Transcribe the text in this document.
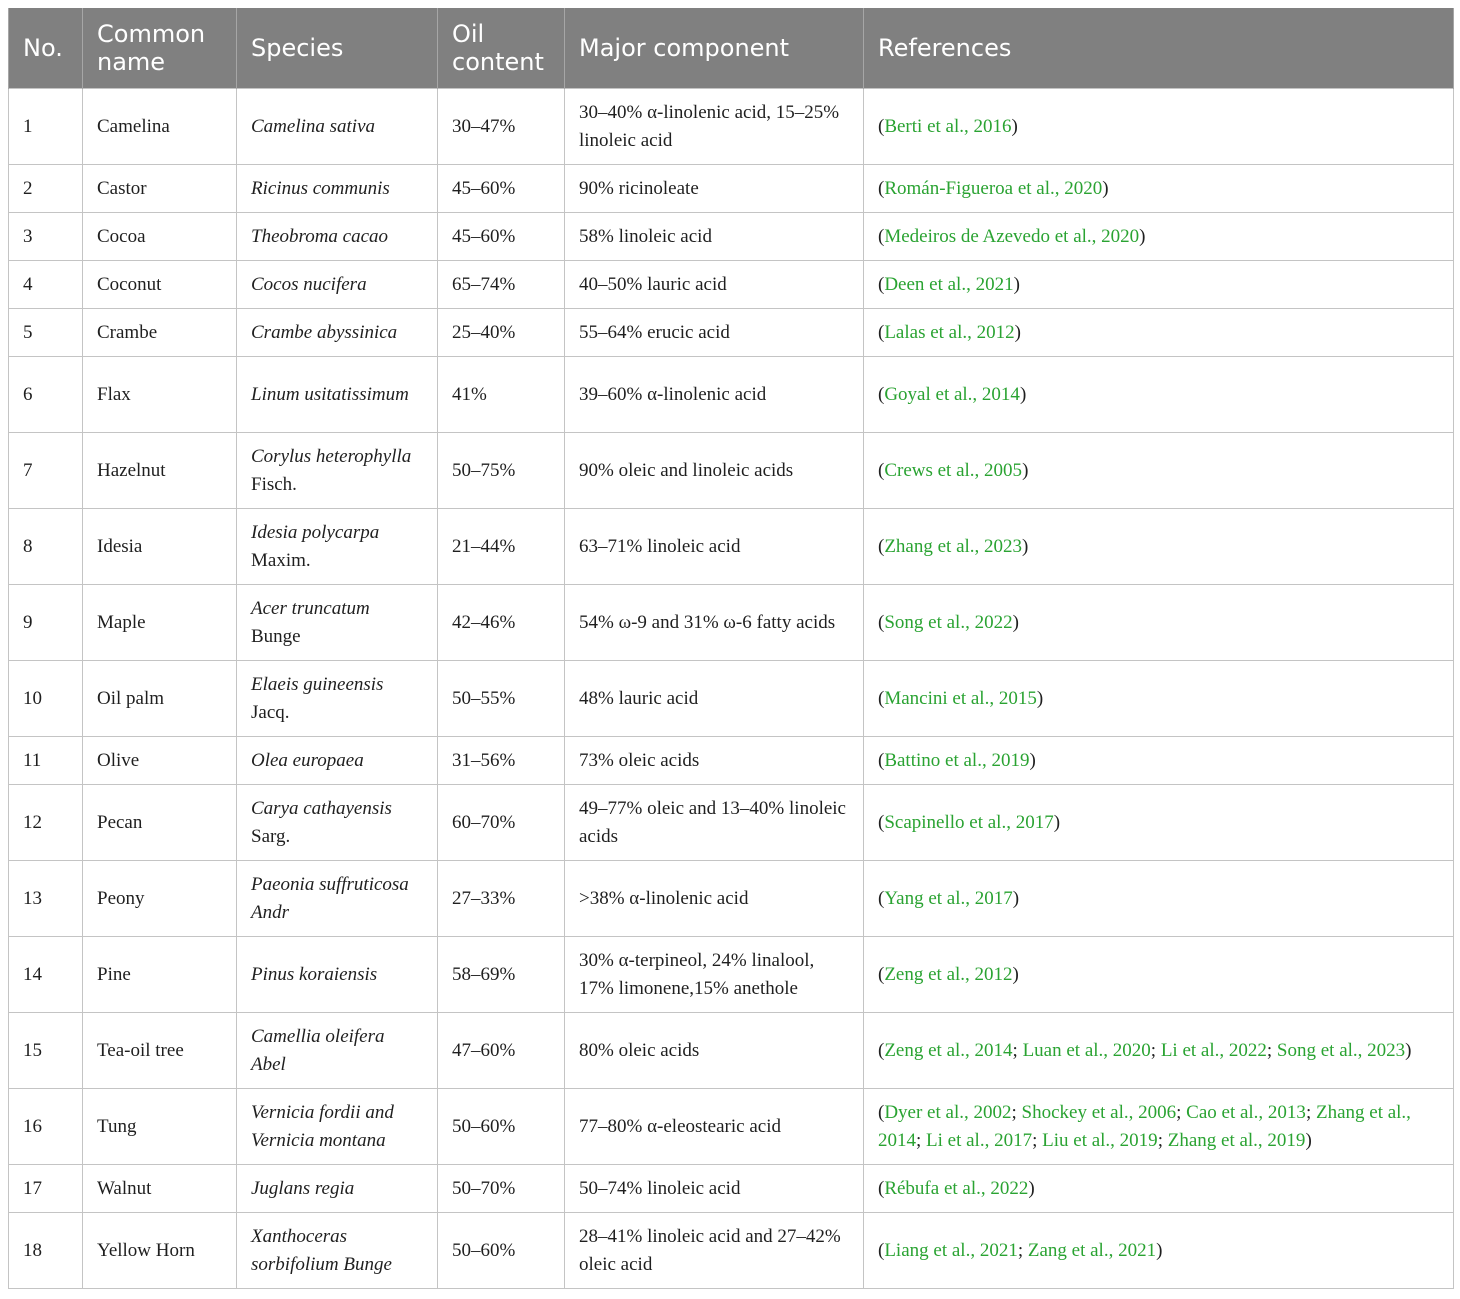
No.	Common name	Species	Oil content	Major component	References
1	Camelina	Camelina sativa	30–47%	30–40% α-linolenic acid, 15–25% linoleic acid	(Berti et al., 2016)
2	Castor	Ricinus communis	45–60%	90% ricinoleate	(Román-Figueroa et al., 2020)
3	Cocoa	Theobroma cacao	45–60%	58% linoleic acid	(Medeiros de Azevedo et al., 2020)
4	Coconut	Cocos nucifera	65–74%	40–50% lauric acid	(Deen et al., 2021)
5	Crambe	Crambe abyssinica	25–40%	55–64% erucic acid	(Lalas et al., 2012)
6	Flax	Linum usitatissimum	41%	39–60% α-linolenic acid	(Goyal et al., 2014)
7	Hazelnut	Corylus heterophylla Fisch.	50–75%	90% oleic and linoleic acids	(Crews et al., 2005)
8	Idesia	Idesia polycarpa Maxim.	21–44%	63–71% linoleic acid	(Zhang et al., 2023)
9	Maple	Acer truncatum Bunge	42–46%	54% ω-9 and 31% ω-6 fatty acids	(Song et al., 2022)
10	Oil palm	Elaeis guineensis Jacq.	50–55%	48% lauric acid	(Mancini et al., 2015)
11	Olive	Olea europaea	31–56%	73% oleic acids	(Battino et al., 2019)
12	Pecan	Carya cathayensis Sarg.	60–70%	49–77% oleic and 13–40% linoleic acids	(Scapinello et al., 2017)
13	Peony	Paeonia suffruticosa Andr	27–33%	>38% α-linolenic acid	(Yang et al., 2017)
14	Pine	Pinus koraiensis	58–69%	30% α-terpineol, 24% linalool, 17% limonene,15% anethole	(Zeng et al., 2012)
15	Tea-oil tree	Camellia oleifera Abel	47–60%	80% oleic acids	(Zeng et al., 2014; Luan et al., 2020; Li et al., 2022; Song et al., 2023)
16	Tung	Vernicia fordii and Vernicia montana	50–60%	77–80% α-eleostearic acid	(Dyer et al., 2002; Shockey et al., 2006; Cao et al., 2013; Zhang et al., 2014; Li et al., 2017; Liu et al., 2019; Zhang et al., 2019)
17	Walnut	Juglans regia	50–70%	50–74% linoleic acid	(Rébufa et al., 2022)
18	Yellow Horn	Xanthoceras sorbifolium Bunge	50–60%	28–41% linoleic acid and 27–42% oleic acid	(Liang et al., 2021; Zang et al., 2021)
